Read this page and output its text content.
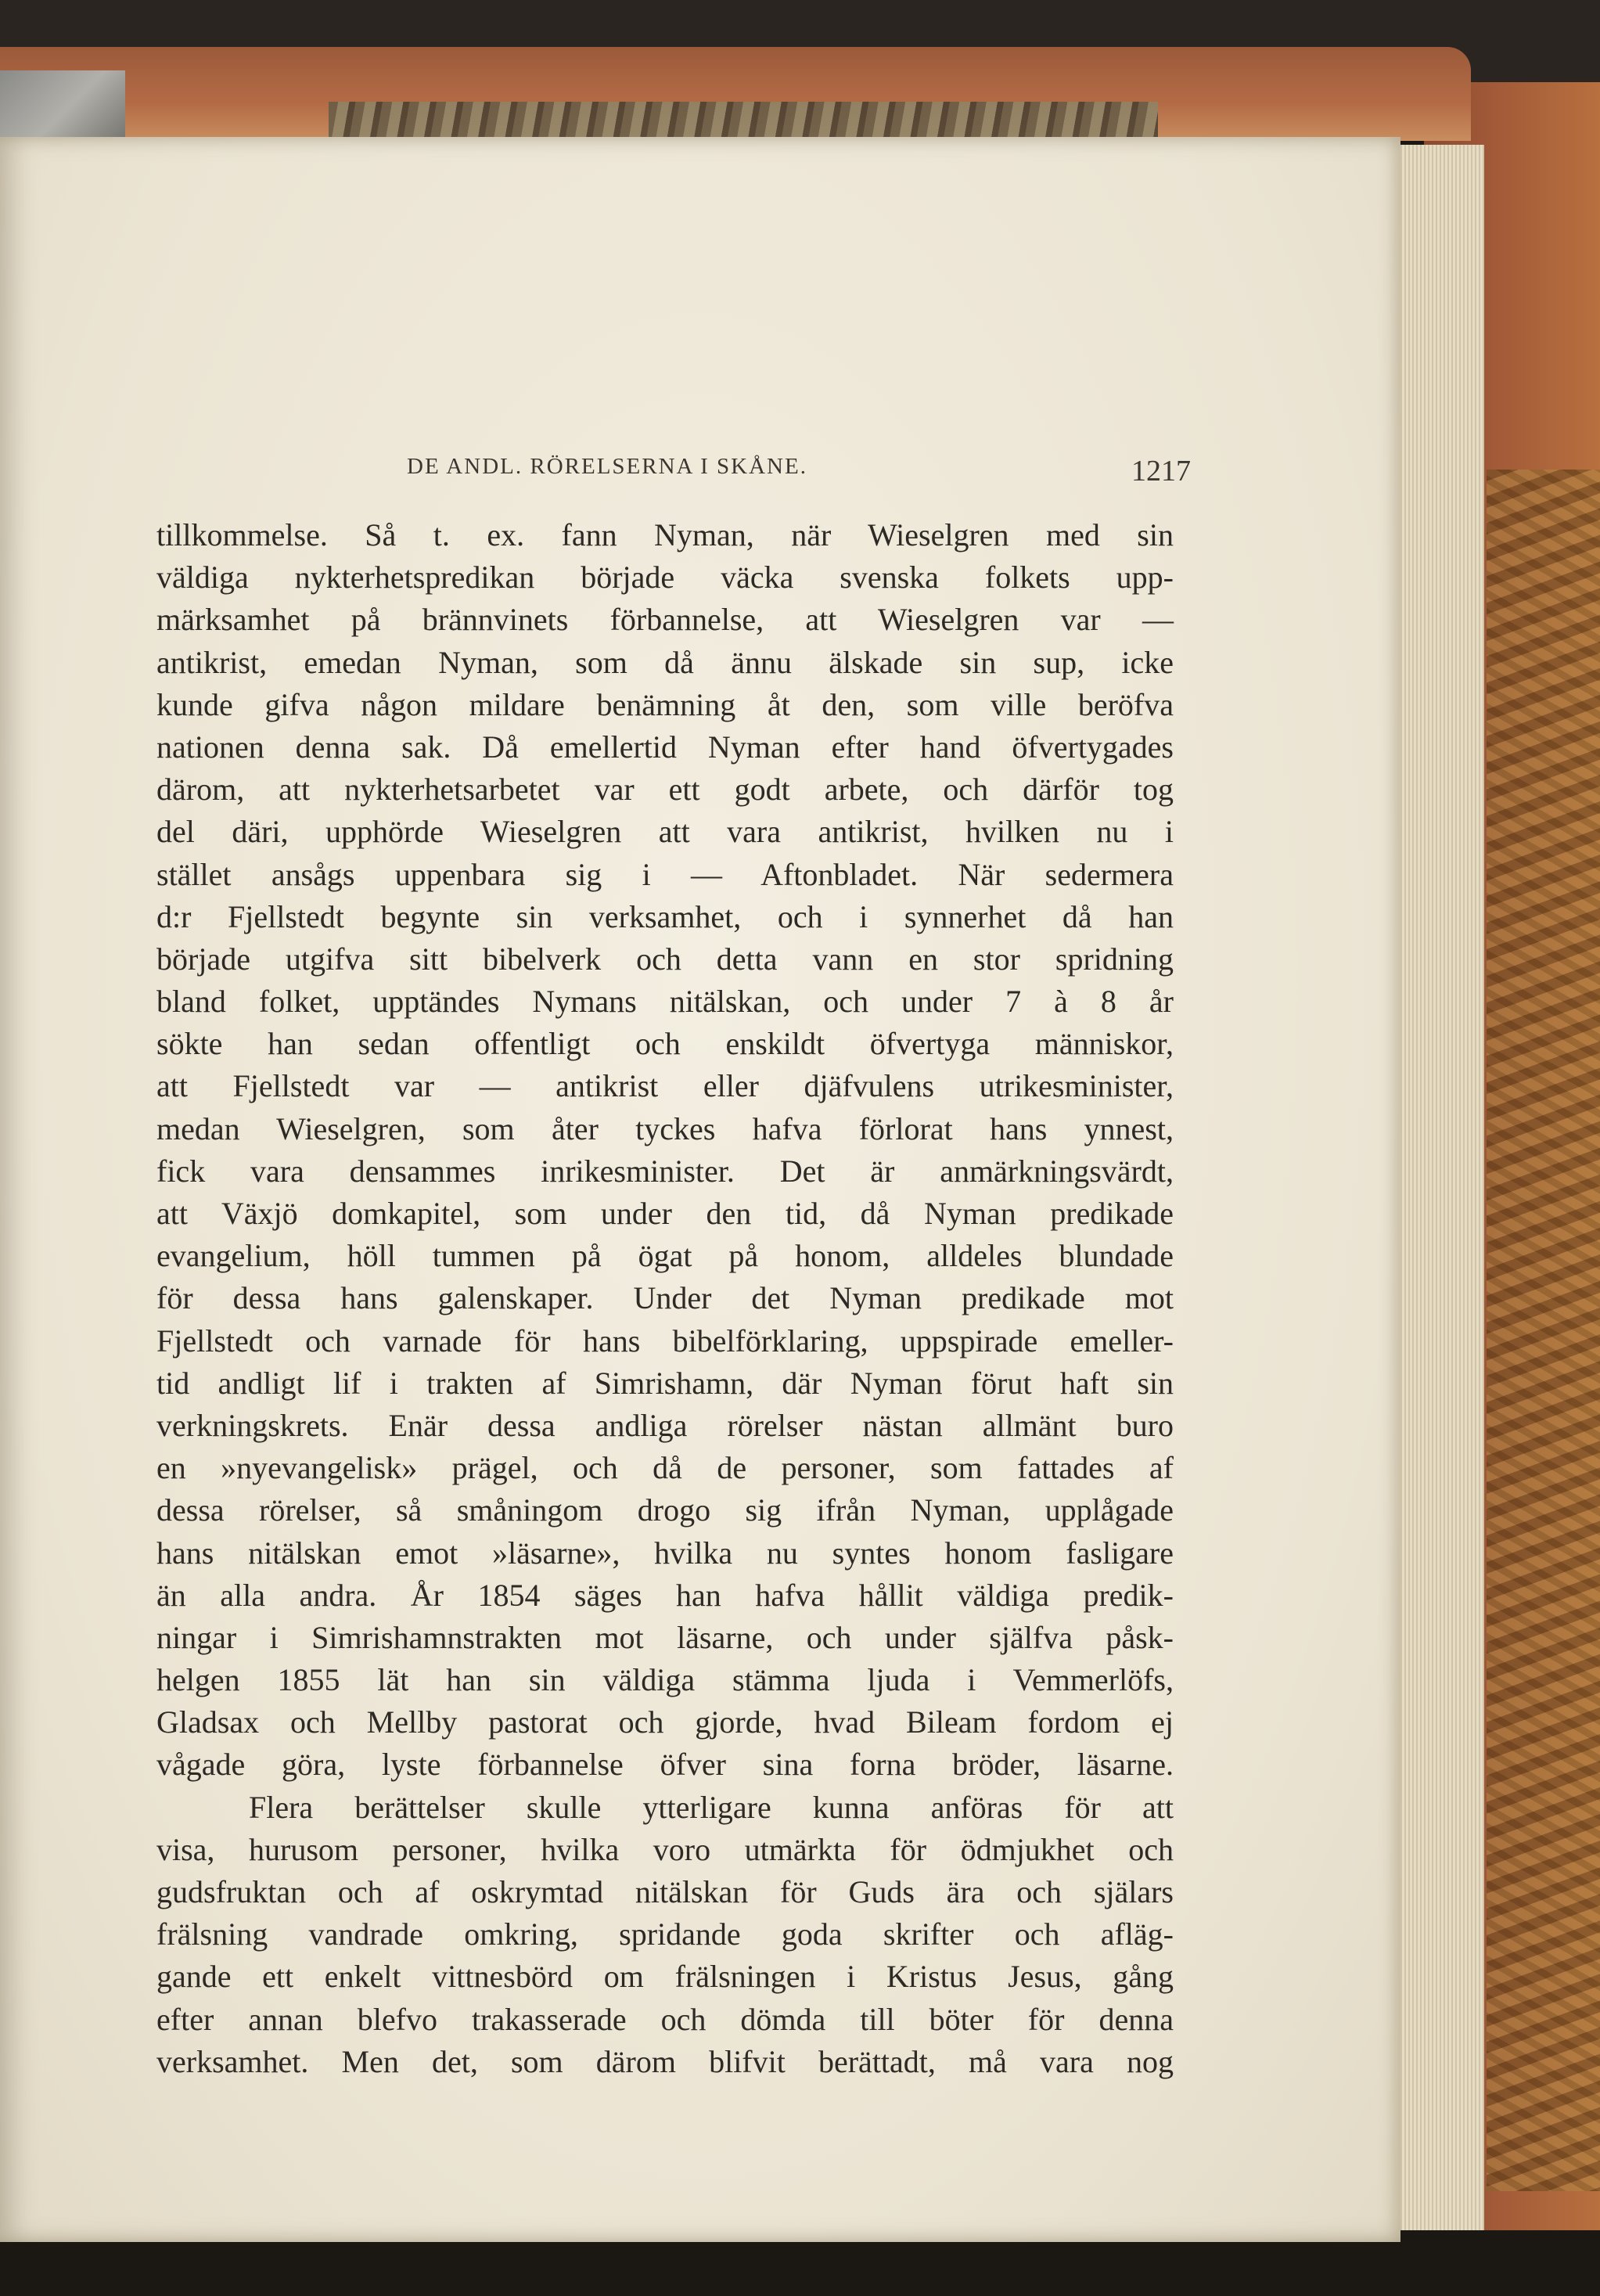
DE ANDL. RÖRELSERNA I SKÅNE.	1217
tillkommelse. Så t. ex. fann Nyman, när Wieselgren med sin
väldiga nykterhetspredikan började väcka svenska folkets upp-
märksamhet på brännvinets förbannelse, att Wieselgren var —
antikrist, emedan Nyman, som då ännu älskade sin sup, icke
kunde gifva någon mildare benämning åt den, som ville beröfva
nationen denna sak. Då emellertid Nyman efter hand öfvertygades
därom, att nykterhetsarbetet var ett godt arbete, och därför tog
del däri, upphörde Wieselgren att vara antikrist, hvilken nu i
stället ansågs uppenbara sig i — Aftonbladet. När sedermera
d:r Fjellstedt begynte sin verksamhet, och i synnerhet då han
började utgifva sitt bibelverk och detta vann en stor spridning
bland folket, upptändes Nymans nitälskan, och under 7 à 8 år
sökte han sedan offentligt och enskildt öfvertyga människor,
att Fjellstedt var — antikrist eller djäfvulens utrikesminister,
medan Wieselgren, som åter tyckes hafva förlorat hans ynnest,
fick vara densammes inrikesminister. Det är anmärkningsvärdt,
att Växjö domkapitel, som under den tid, då Nyman predikade
evangelium, höll tummen på ögat på honom, alldeles blundade
för dessa hans galenskaper. Under det Nyman predikade mot
Fjellstedt och varnade för hans bibelförklaring, uppspirade emeller-
tid andligt lif i trakten af Simrishamn, där Nyman förut haft sin
verkningskrets. Enär dessa andliga rörelser nästan allmänt buro
en »nyevangelisk» prägel, och då de personer, som fattades af
dessa rörelser, så småningom drogo sig ifrån Nyman, upplågade
hans nitälskan emot »läsarne», hvilka nu syntes honom fasligare
än alla andra. År 1854 säges han hafva hållit väldiga predik-
ningar i Simrishamnstrakten mot läsarne, och under själfva påsk-
helgen 1855 lät han sin väldiga stämma ljuda i Vemmerlöfs,
Gladsax och Mellby pastorat och gjorde, hvad Bileam fordom ej
vågade göra, lyste förbannelse öfver sina forna bröder, läsarne.
Flera berättelser skulle ytterligare kunna anföras för att
visa, hurusom personer, hvilka voro utmärkta för ödmjukhet och
gudsfruktan och af oskrymtad nitälskan för Guds ära och själars
frälsning vandrade omkring, spridande goda skrifter och afläg-
gande ett enkelt vittnesbörd om frälsningen i Kristus Jesus, gång
efter annan blefvo trakasserade och dömda till böter för denna
verksamhet. Men det, som därom blifvit berättadt, må vara nog
